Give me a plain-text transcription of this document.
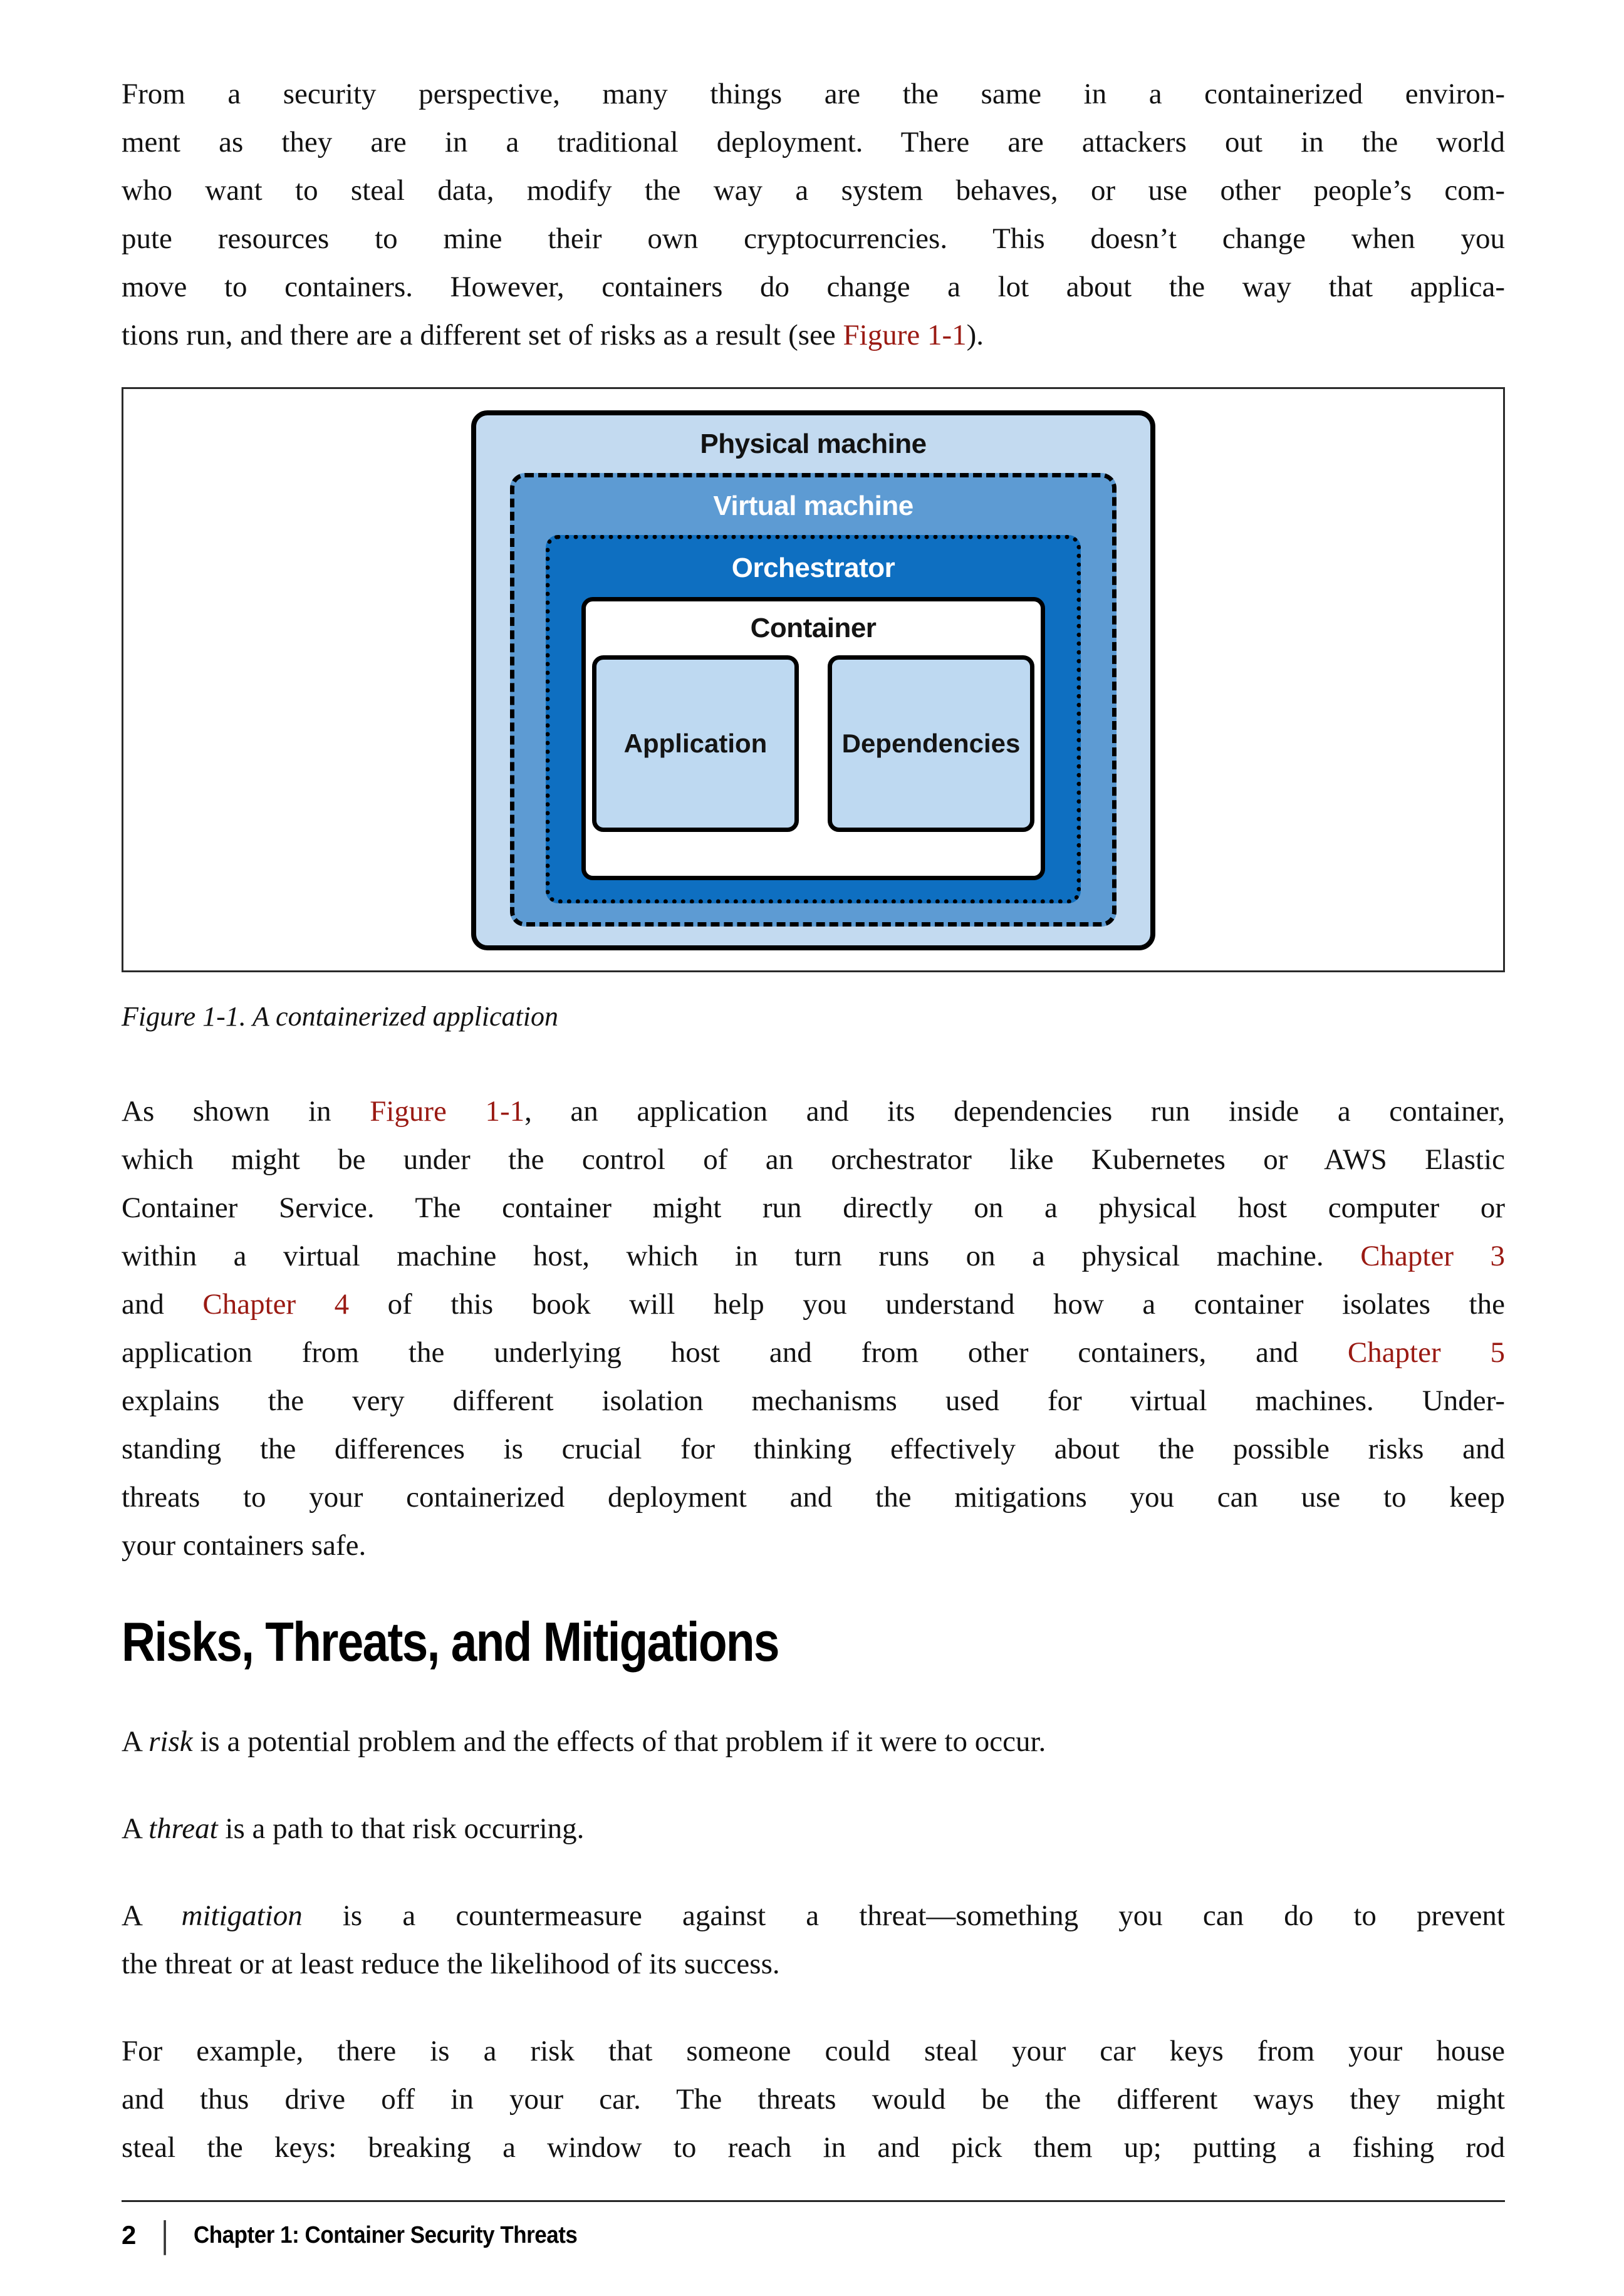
From a security perspective, many things are the same in a containerized environ-
ment as they are in a traditional deployment. There are attackers out in the world
who want to steal data, modify the way a system behaves, or use other people’s com-
pute resources to mine their own cryptocurrencies. This doesn’t change when you
move to containers. However, containers do change a lot about the way that applica-
tions run, and there are a different set of risks as a result (see Figure 1-1).
Physical machine
Virtual machine
Orchestrator
Container
Application	Dependencies
Figure 1-1. A containerized application
As shown in Figure 1-1, an application and its dependencies run inside a container,
which might be under the control of an orchestrator like Kubernetes or AWS Elastic
Container Service. The container might run directly on a physical host computer or
within a virtual machine host, which in turn runs on a physical machine. Chapter 3
and Chapter 4 of this book will help you understand how a container isolates the
application from the underlying host and from other containers, and Chapter 5
explains the very different isolation mechanisms used for virtual machines. Under-
standing the differences is crucial for thinking effectively about the possible risks and
threats to your containerized deployment and the mitigations you can use to keep
your containers safe.
Risks, Threats, and Mitigations
A risk is a potential problem and the effects of that problem if it were to occur.
A threat is a path to that risk occurring.
A mitigation is a countermeasure against a threat—something you can do to prevent
the threat or at least reduce the likelihood of its success.
For example, there is a risk that someone could steal your car keys from your house
and thus drive off in your car. The threats would be the different ways they might
steal the keys: breaking a window to reach in and pick them up; putting a fishing rod
2 | Chapter 1: Container Security Threats
